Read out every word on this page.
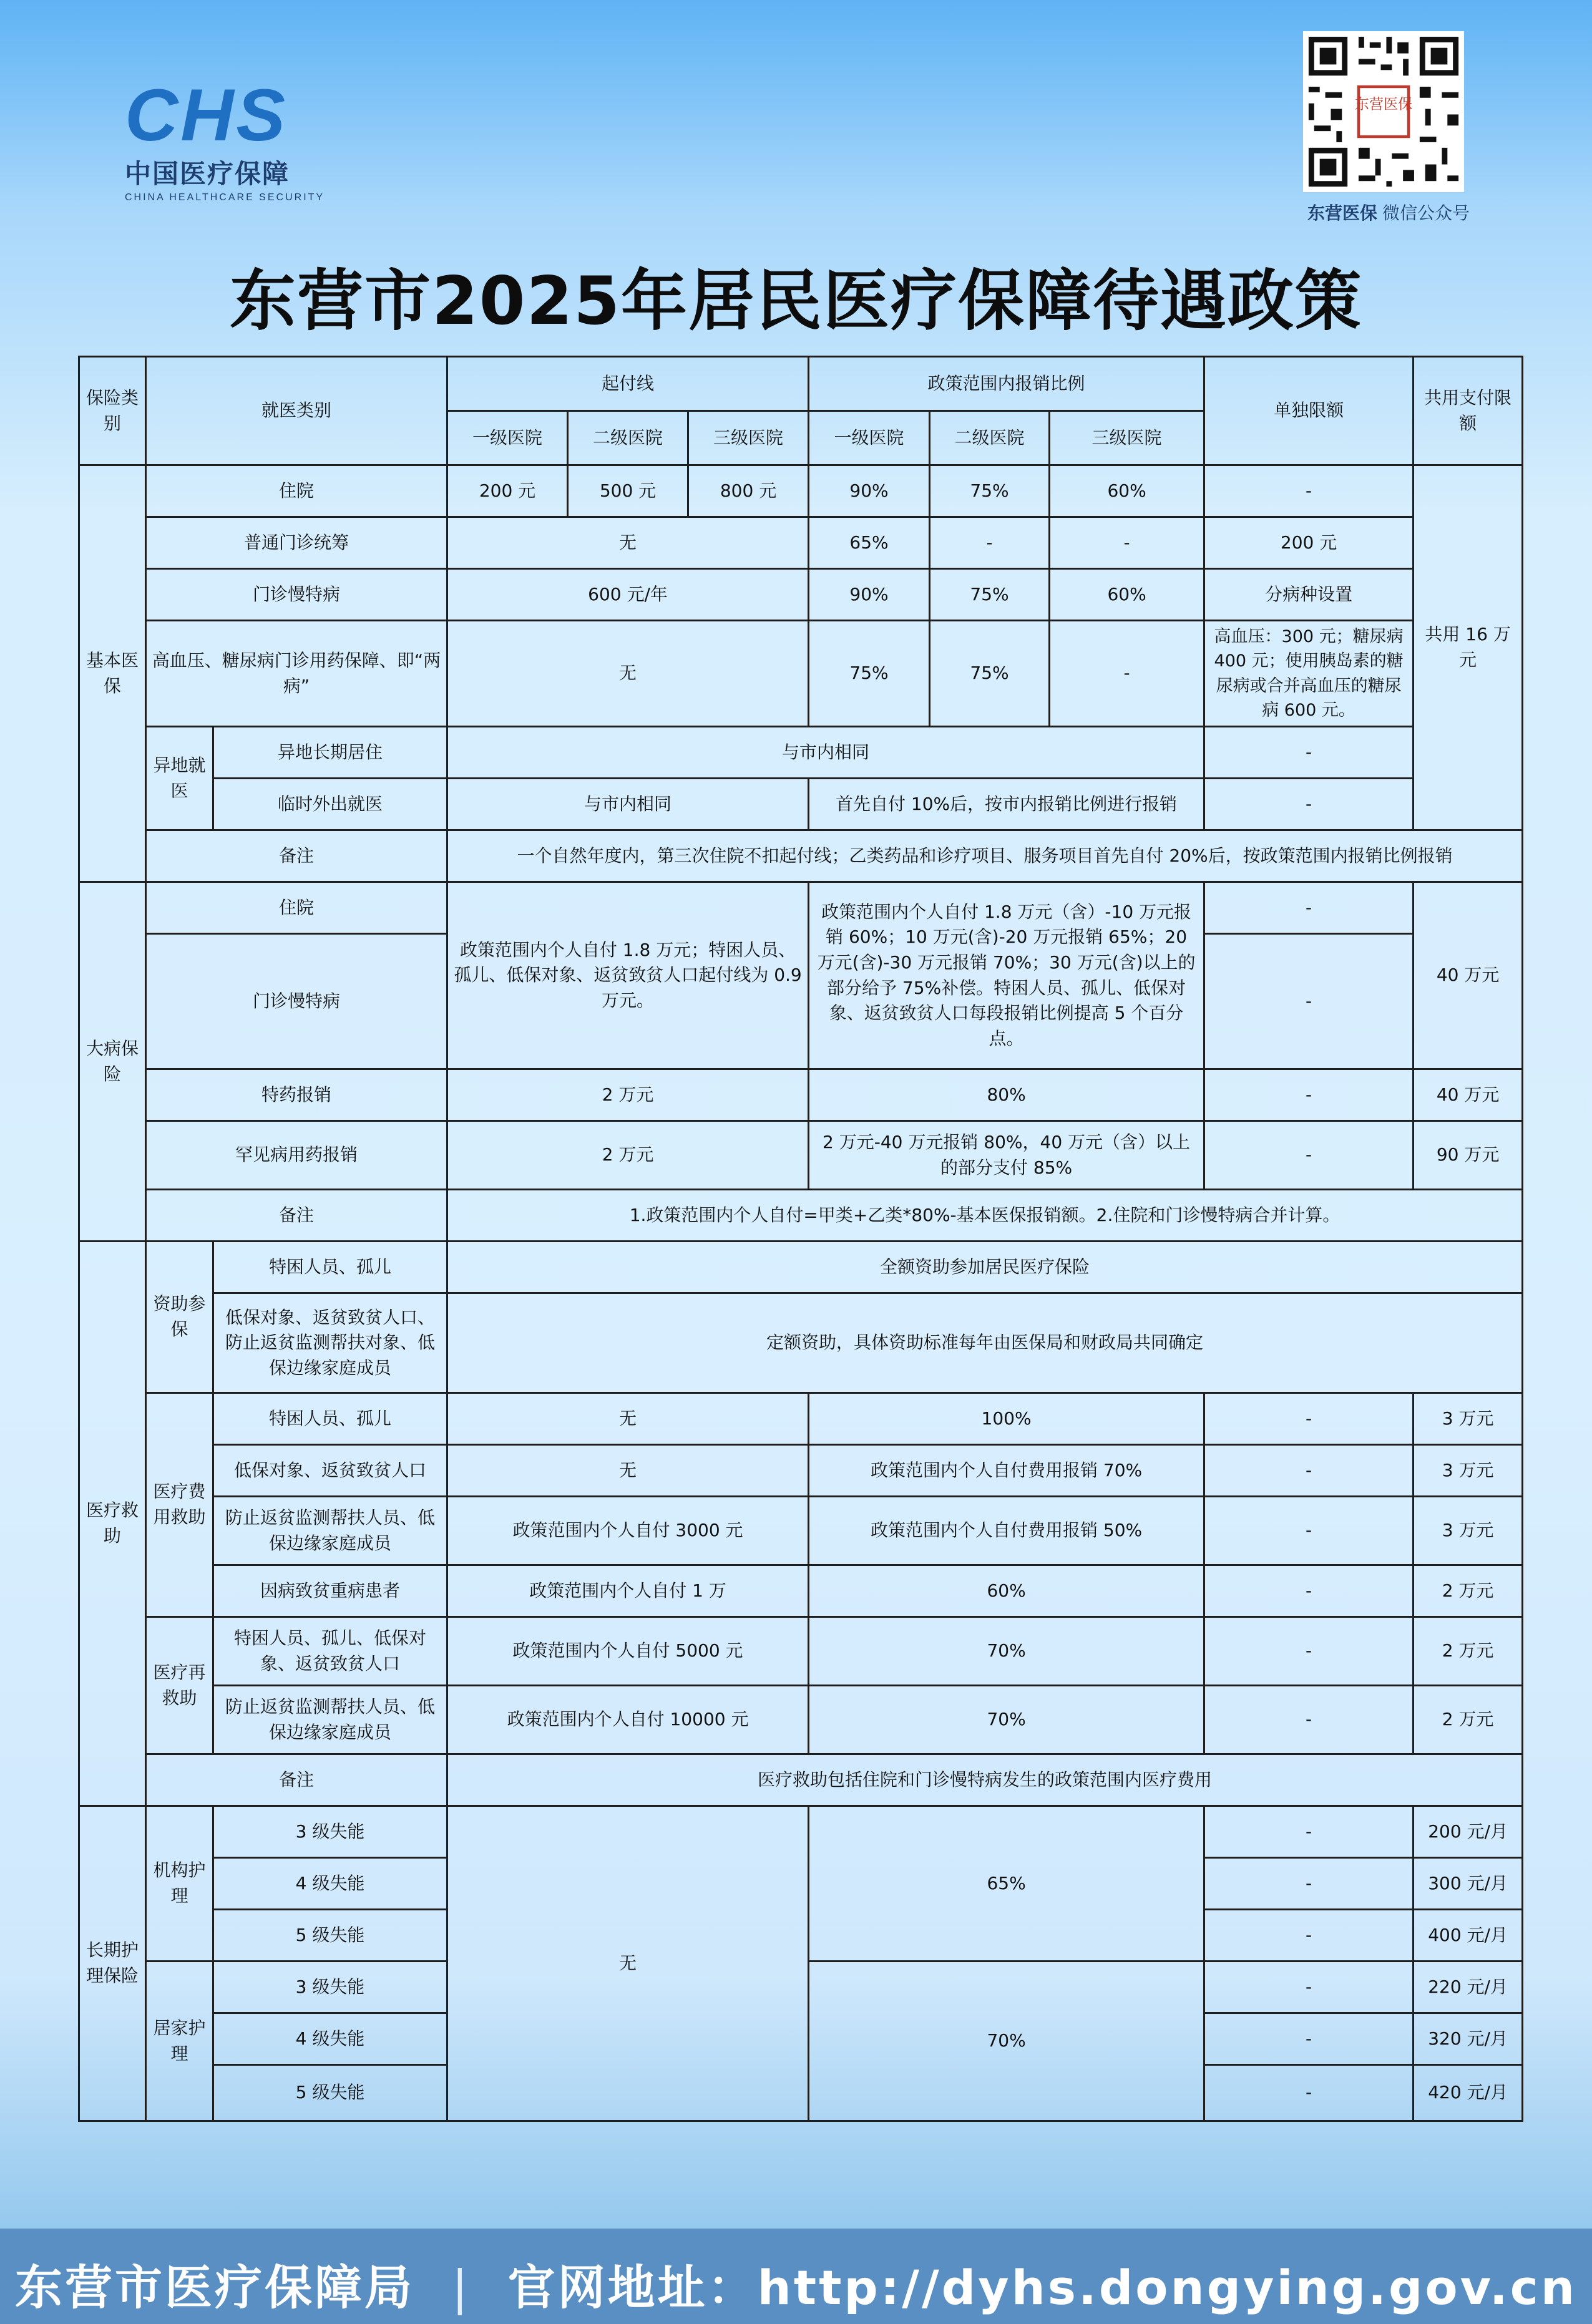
CHS
中国医疗保障
CHINA HEALTHCARE SECURITY
东营医保
东营医保 微信公众号
东营市2025年居民医疗保障待遇政策
保险类别	就医类别		起付线			政策范围内报销比例			单独限额	共用支付限额
			一级医院	二级医院	三级医院	一级医院	二级医院	三级医院		
基本医保	住院		200 元	500 元	800 元	90%	75%	60%	-	共用 16 万元
	普通门诊统筹		无			65%	-	-	200 元	
	门诊慢特病		600 元/年			90%	75%	60%	分病种设置	
	高血压、糖尿病门诊用药保障、即“两病”		无			75%	75%	-	高血压：300 元；糖尿病 400 元；使用胰岛素的糖尿病或合并高血压的糖尿病 600 元。	
	异地就医	异地长期居住	与市内相同						-	
		临时外出就医	与市内相同			首先自付 10%后，按市内报销比例进行报销			-	
	备注		一个自然年度内，第三次住院不扣起付线；乙类药品和诊疗项目、服务项目首先自付 20%后，按政策范围内报销比例报销							
大病保险	住院		政策范围内个人自付 1.8 万元；特困人员、孤儿、低保对象、返贫致贫人口起付线为 0.9 万元。			政策范围内个人自付 1.8 万元（含）-10 万元报销 60%；10 万元(含)-20 万元报销 65%；20 万元(含)-30 万元报销 70%；30 万元(含)以上的部分给予 75%补偿。特困人员、孤儿、低保对象、返贫致贫人口每段报销比例提高 5 个百分点。			-	40 万元
	门诊慢特病								-	
	特药报销		2 万元			80%			-	40 万元
	罕见病用药报销		2 万元			2 万元-40 万元报销 80%，40 万元（含）以上的部分支付 85%			-	90 万元
	备注		1.政策范围内个人自付=甲类+乙类*80%-基本医保报销额。2.住院和门诊慢特病合并计算。							
医疗救助	资助参保	特困人员、孤儿	全额资助参加居民医疗保险							
		低保对象、返贫致贫人口、防止返贫监测帮扶对象、低保边缘家庭成员	定额资助，具体资助标准每年由医保局和财政局共同确定							
	医疗费用救助	特困人员、孤儿	无			100%			-	3 万元
		低保对象、返贫致贫人口	无			政策范围内个人自付费用报销 70%			-	3 万元
		防止返贫监测帮扶人员、低保边缘家庭成员	政策范围内个人自付 3000 元			政策范围内个人自付费用报销 50%			-	3 万元
		因病致贫重病患者	政策范围内个人自付 1 万			60%			-	2 万元
	医疗再救助	特困人员、孤儿、低保对象、返贫致贫人口	政策范围内个人自付 5000 元			70%			-	2 万元
		防止返贫监测帮扶人员、低保边缘家庭成员	政策范围内个人自付 10000 元			70%			-	2 万元
	备注		医疗救助包括住院和门诊慢特病发生的政策范围内医疗费用							
长期护理保险	机构护理	3 级失能	无			65%			-	200 元/月
		4 级失能							-	300 元/月
		5 级失能							-	400 元/月
	居家护理	3 级失能				70%			-	220 元/月
		4 级失能							-	320 元/月
		5 级失能							-	420 元/月
东营市医疗保障局 | 官网地址：http://dyhs.dongying.gov.cn
